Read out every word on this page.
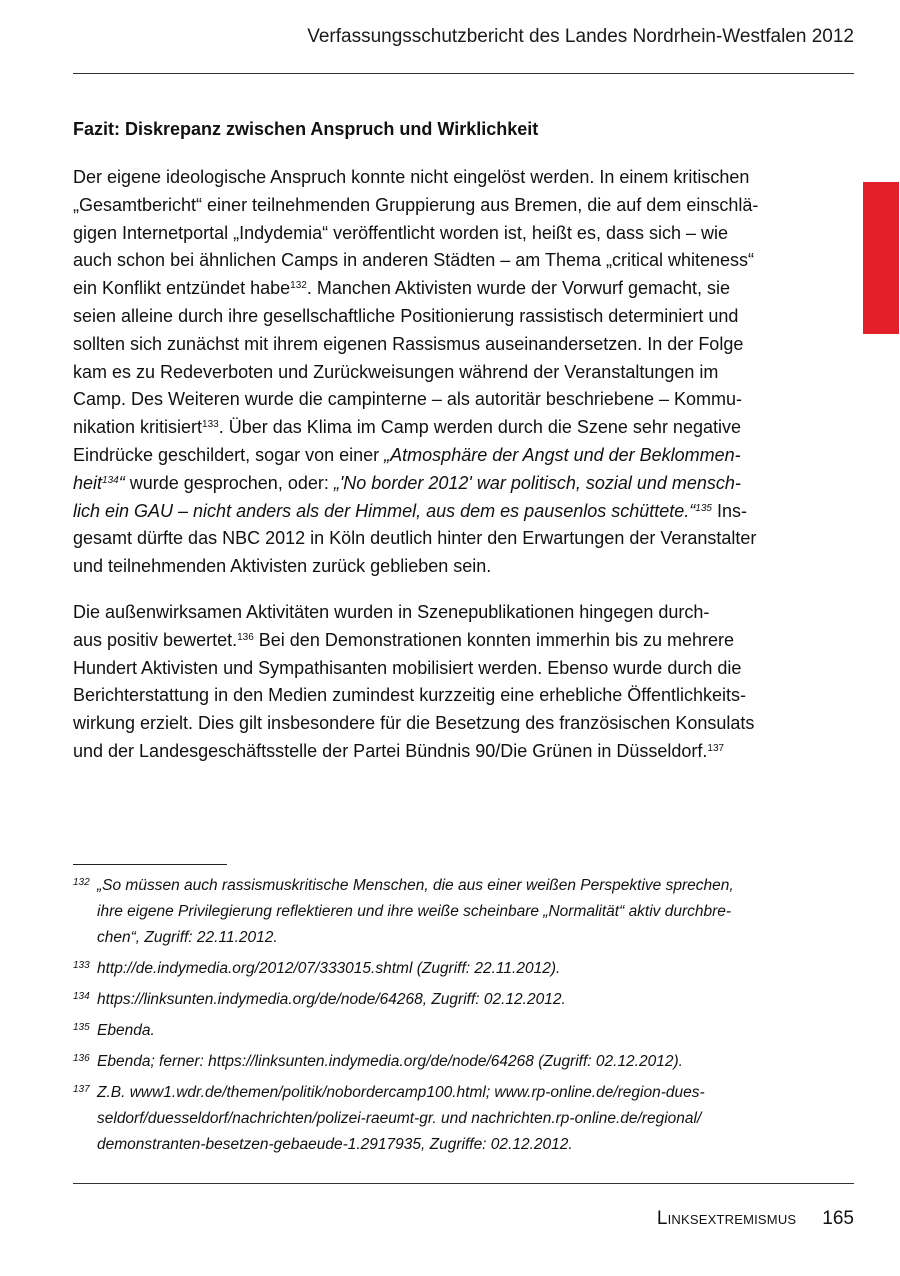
Verfassungsschutzbericht des Landes Nordrhein-Westfalen 2012
Fazit: Diskrepanz zwischen Anspruch und Wirklichkeit

Der eigene ideologische Anspruch konnte nicht eingelöst werden. In einem kritischen
„Gesamtbericht“ einer teilnehmenden Gruppierung aus Bremen, die auf dem einschlä-
gigen Internetportal „Indydemia“ veröffentlicht worden ist, heißt es, dass sich – wie
auch schon bei ähnlichen Camps in anderen Städten – am Thema „critical whiteness“
ein Konflikt entzündet habe$^{132}$. Manchen Aktivisten wurde der Vorwurf gemacht, sie
seien alleine durch ihre gesellschaftliche Positionierung rassistisch determiniert und
sollten sich zunächst mit ihrem eigenen Rassismus auseinandersetzen. In der Folge
kam es zu Redeverboten und Zurückweisungen während der Veranstaltungen im
Camp. Des Weiteren wurde die campinterne – als autoritär beschriebene – Kommu-
nikation kritisiert$^{133}$. Über das Klima im Camp werden durch die Szene sehr negative
Eindrücke geschildert, sogar von einer „Atmosphäre der Angst und der Beklommen-
heit$^{134}$“ wurde gesprochen, oder: „'No border 2012' war politisch, sozial und mensch-
lich ein GAU – nicht anders als der Himmel, aus dem es pausenlos schüttete.“$^{135}$ Ins-
gesamt dürfte das NBC 2012 in Köln deutlich hinter den Erwartungen der Veranstalter
und teilnehmenden Aktivisten zurück geblieben sein.

Die außenwirksamen Aktivitäten wurden in Szenepublikationen hingegen durch-
aus positiv bewertet.$^{136}$ Bei den Demonstrationen konnten immerhin bis zu mehrere
Hundert Aktivisten und Sympathisanten mobilisiert werden. Ebenso wurde durch die
Berichterstattung in den Medien zumindest kurzzeitig eine erhebliche Öffentlichkeits-
wirkung erzielt. Dies gilt insbesondere für die Besetzung des französischen Konsulats
und der Landesgeschäftsstelle der Partei Bündnis 90/Die Grünen in Düsseldorf.$^{137}$

132 „So müssen auch rassismuskritische Menschen, die aus einer weißen Perspektive sprechen,
ihre eigene Privilegierung reflektieren und ihre weiße scheinbare „Normalität“ aktiv durchbre-
chen“, Zugriff: 22.11.2012.
133 http://de.indymedia.org/2012/07/333015.shtml (Zugriff: 22.11.2012).
134 https://linksunten.indymedia.org/de/node/64268, Zugriff: 02.12.2012.
135 Ebenda.
136 Ebenda; ferner: https://linksunten.indymedia.org/de/node/64268 (Zugriff: 02.12.2012).
137 Z.B. www1.wdr.de/themen/politik/nobordercamp100.html; www.rp-online.de/region-dues-
seldorf/duesseldorf/nachrichten/polizei-raeumt-gr. und nachrichten.rp-online.de/regional/
demonstranten-besetzen-gebaeude-1.2917935, Zugriffe: 02.12.2012.
Linksextremismus 165
